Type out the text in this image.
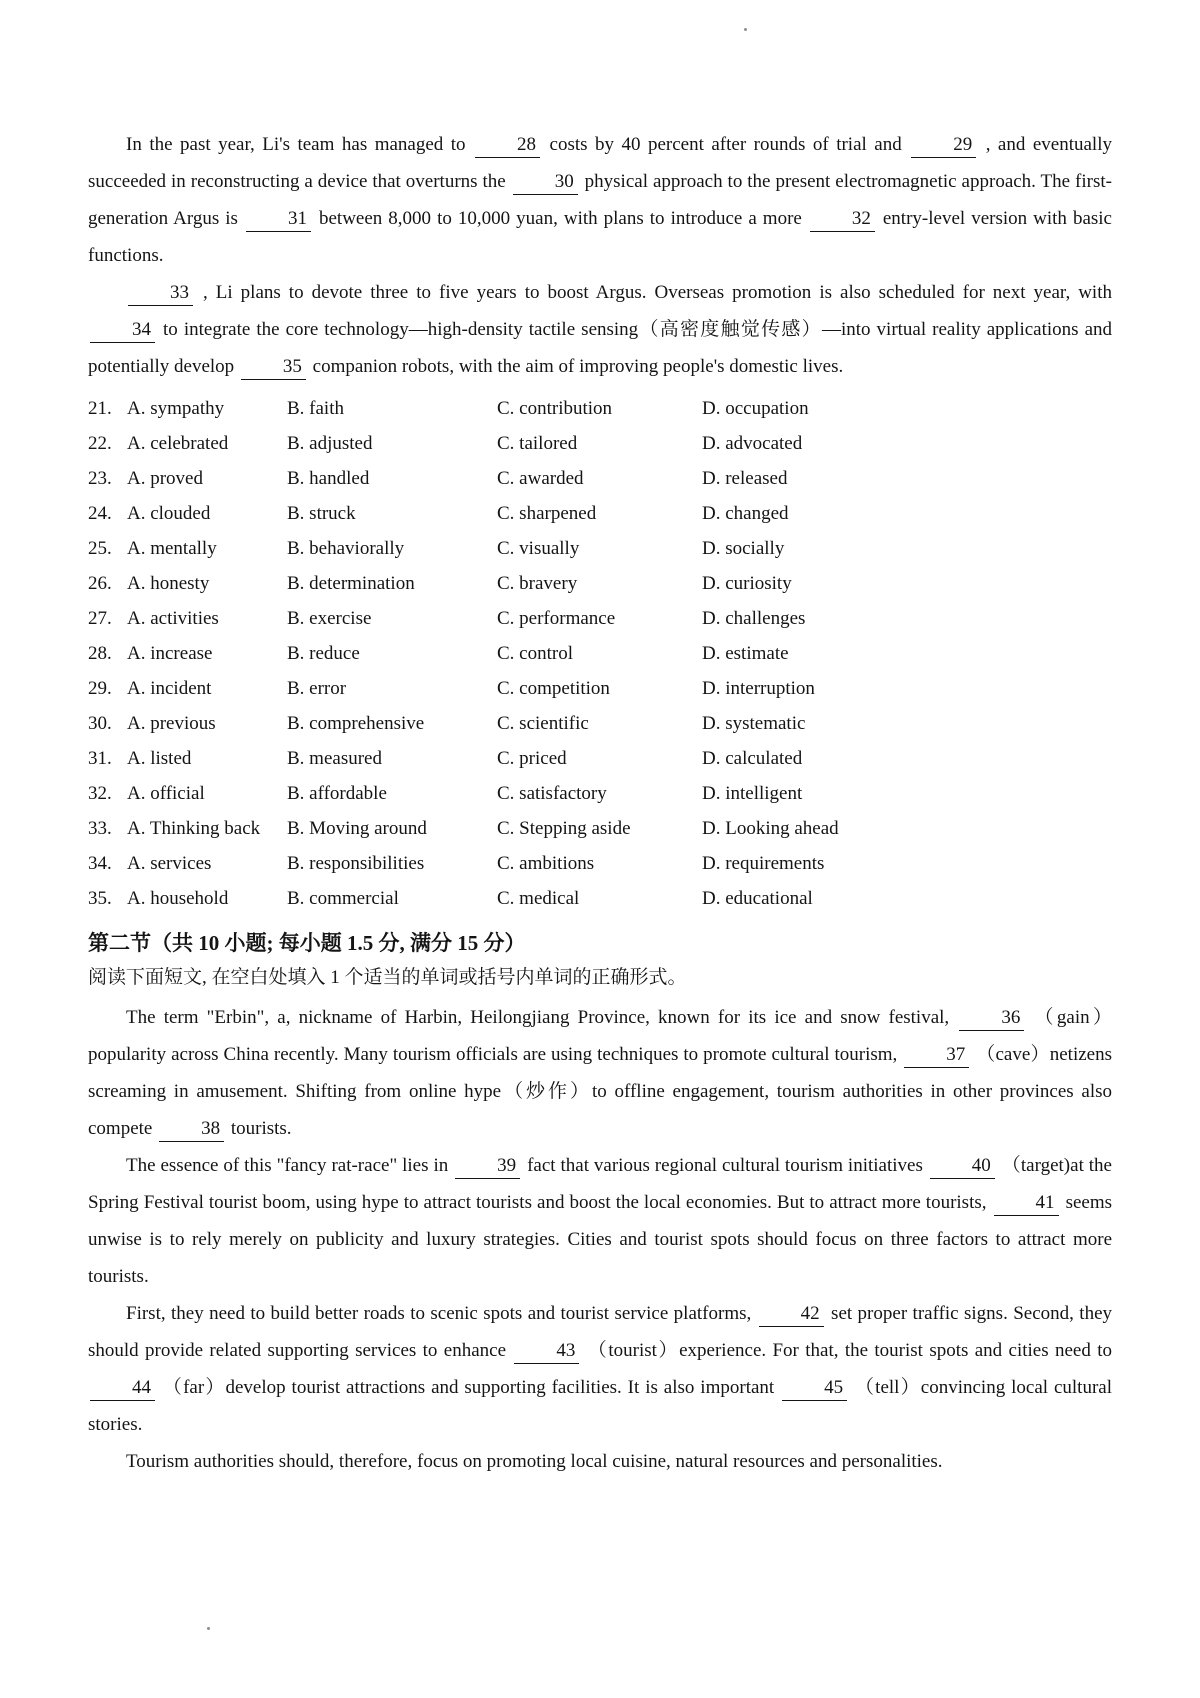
In the past year, Li's team has managed to 28 costs by 40 percent after rounds of trial and 29 , and eventually succeeded in reconstructing a device that overturns the 30 physical approach to the present electromagnetic approach. The first-generation Argus is 31 between 8,000 to 10,000 yuan, with plans to introduce a more 32 entry-level version with basic functions.

33 , Li plans to devote three to five years to boost Argus. Overseas promotion is also scheduled for next year, with 34 to integrate the core technology—high-density tactile sensing（高密度触觉传感）—into virtual reality applications and potentially develop 35 companion robots, with the aim of improving people's domestic lives.

21. A. sympathy	B. faith	C. contribution	D. occupation
22. A. celebrated	B. adjusted	C. tailored	D. advocated
23. A. proved	B. handled	C. awarded	D. released
24. A. clouded	B. struck	C. sharpened	D. changed
25. A. mentally	B. behaviorally	C. visually	D. socially
26. A. honesty	B. determination	C. bravery	D. curiosity
27. A. activities	B. exercise	C. performance	D. challenges
28. A. increase	B. reduce	C. control	D. estimate
29. A. incident	B. error	C. competition	D. interruption
30. A. previous	B. comprehensive	C. scientific	D. systematic
31. A. listed	B. measured	C. priced	D. calculated
32. A. official	B. affordable	C. satisfactory	D. intelligent
33. A. Thinking back	B. Moving around	C. Stepping aside	D. Looking ahead
34. A. services	B. responsibilities	C. ambitions	D. requirements
35. A. household	B. commercial	C. medical	D. educational
第二节（共 10 小题; 每小题 1.5 分, 满分 15 分）

阅读下面短文, 在空白处填入 1 个适当的单词或括号内单词的正确形式。

The term "Erbin", a, nickname of Harbin, Heilongjiang Province, known for its ice and snow festival, 36 （gain）popularity across China recently. Many tourism officials are using techniques to promote cultural tourism, 37 （cave）netizens screaming in amusement. Shifting from online hype（炒作）to offline engagement, tourism authorities in other provinces also compete 38 tourists.

The essence of this "fancy rat-race" lies in 39 fact that various regional cultural tourism initiatives 40 （target)at the Spring Festival tourist boom, using hype to attract tourists and boost the local economies. But to attract more tourists, 41 seems unwise is to rely merely on publicity and luxury strategies. Cities and tourist spots should focus on three factors to attract more tourists.

First, they need to build better roads to scenic spots and tourist service platforms, 42 set proper traffic signs. Second, they should provide related supporting services to enhance 43 （tourist）experience. For that, the tourist spots and cities need to 44 （far）develop tourist attractions and supporting facilities. It is also important 45 （tell）convincing local cultural stories.

Tourism authorities should, therefore, focus on promoting local cuisine, natural resources and personalities.
